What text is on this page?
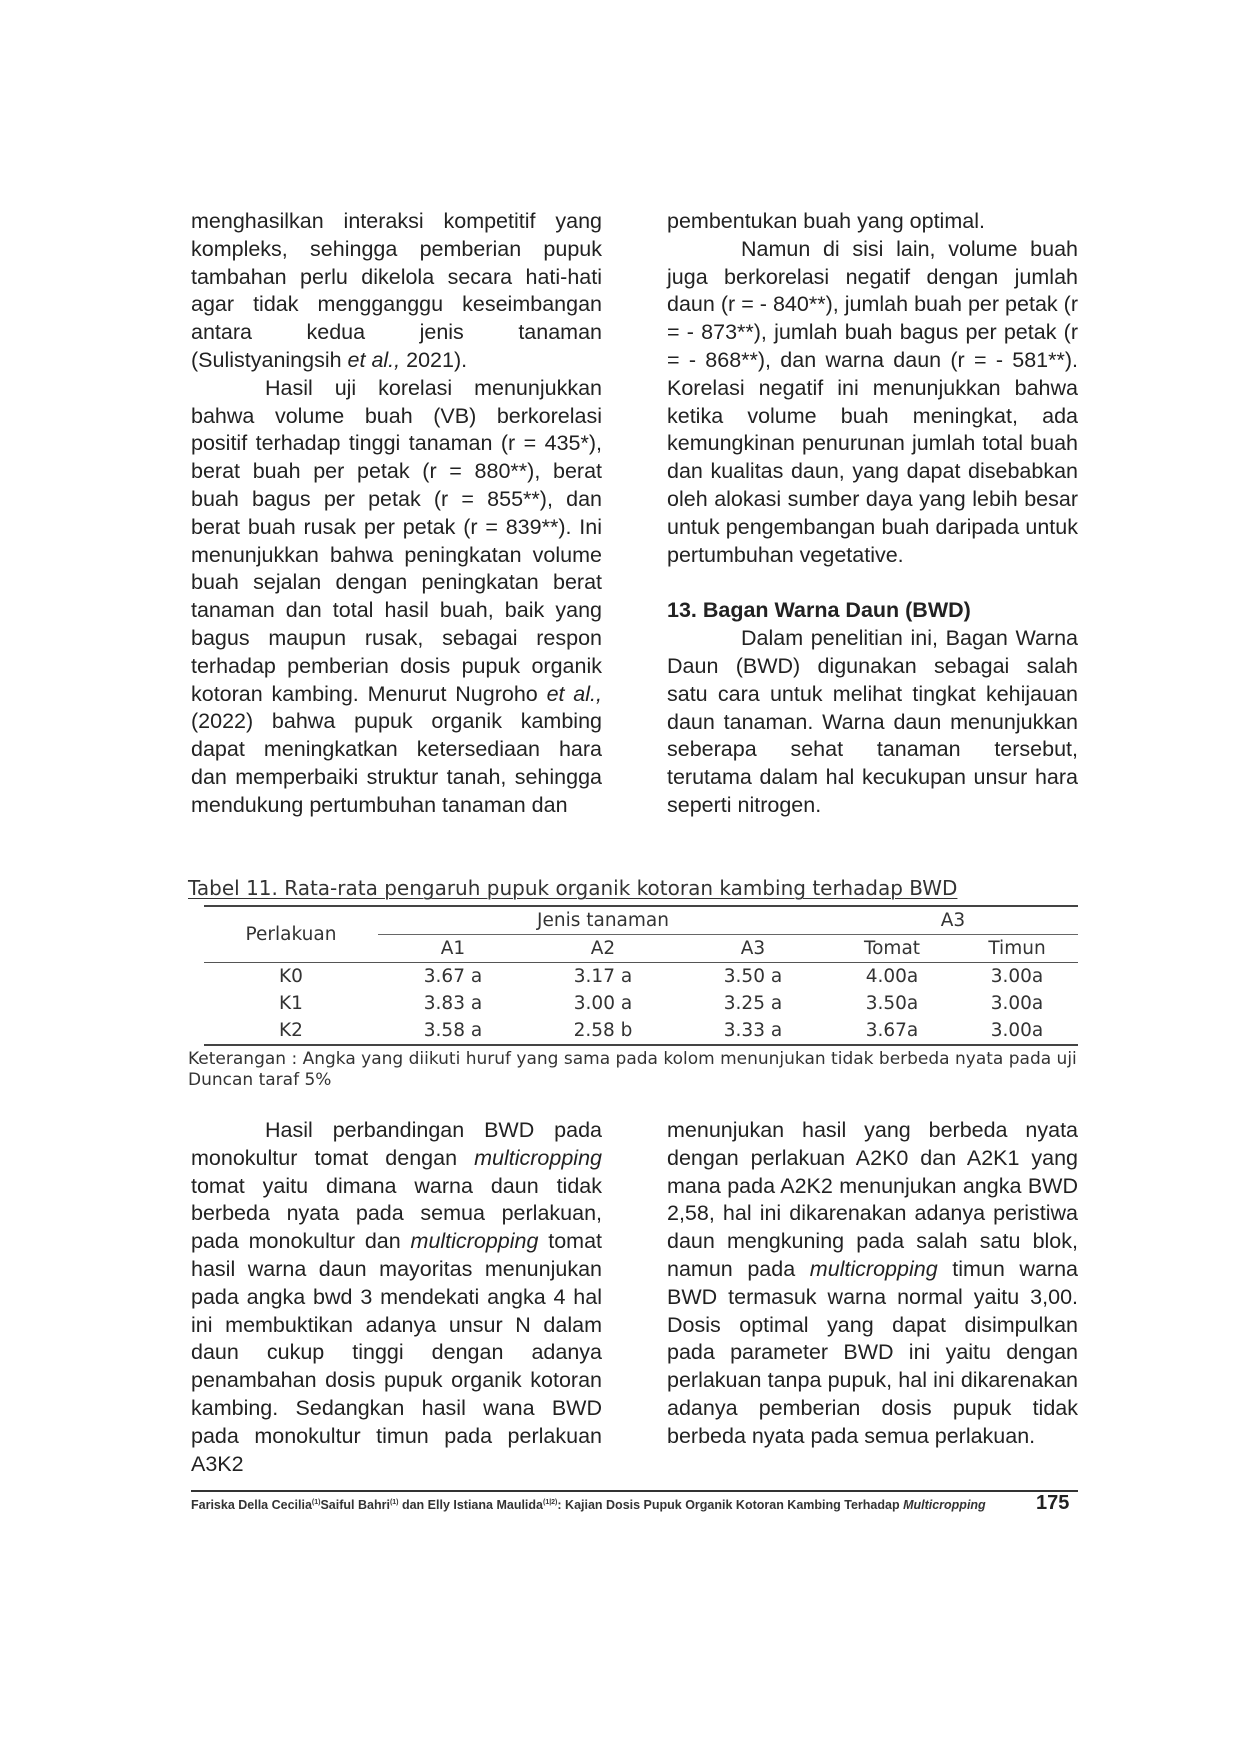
menghasilkan interaksi kompetitif yang kompleks, sehingga pemberian pupuk tambahan perlu dikelola secara hati-hati agar tidak mengganggu keseimbangan antara kedua jenis tanaman (Sulistyaningsih et al., 2021).

Hasil uji korelasi menunjukkan bahwa volume buah (VB) berkorelasi positif terhadap tinggi tanaman (r = 435*), berat buah per petak (r = 880**), berat buah bagus per petak (r = 855**), dan berat buah rusak per petak (r = 839**). Ini menunjukkan bahwa peningkatan volume buah sejalan dengan peningkatan berat tanaman dan total hasil buah, baik yang bagus maupun rusak, sebagai respon terhadap pemberian dosis pupuk organik kotoran kambing. Menurut Nugroho et al., (2022) bahwa pupuk organik kambing dapat meningkatkan ketersediaan hara dan memperbaiki struktur tanah, sehingga mendukung pertumbuhan tanaman dan

pembentukan buah yang optimal.

Namun di sisi lain, volume buah juga berkorelasi negatif dengan jumlah daun (r = - 840**), jumlah buah per petak (r = - 873**), jumlah buah bagus per petak (r = - 868**), dan warna daun (r = - 581**). Korelasi negatif ini menunjukkan bahwa ketika volume buah meningkat, ada kemungkinan penurunan jumlah total buah dan kualitas daun, yang dapat disebabkan oleh alokasi sumber daya yang lebih besar untuk pengembangan buah daripada untuk pertumbuhan vegetative.

13. Bagan Warna Daun (BWD)

Dalam penelitian ini, Bagan Warna Daun (BWD) digunakan sebagai salah satu cara untuk melihat tingkat kehijauan daun tanaman. Warna daun menunjukkan seberapa sehat tanaman tersebut, terutama dalam hal kecukupan unsur hara seperti nitrogen.

Tabel 11. Rata-rata pengaruh pupuk organik kotoran kambing terhadap BWD

Perlakuan	Jenis tanaman			A3	
	A1	A2	A3	Tomat	Timun
K0	3.67 a	3.17 a	3.50 a	4.00a	3.00a
K1	3.83 a	3.00 a	3.25 a	3.50a	3.00a
K2	3.58 a	2.58 b	3.33 a	3.67a	3.00a

Keterangan : Angka yang diikuti huruf yang sama pada kolom menunjukan tidak berbeda nyata pada uji Duncan taraf 5%

Hasil perbandingan BWD pada monokultur tomat dengan multicropping tomat yaitu dimana warna daun tidak berbeda nyata pada semua perlakuan, pada monokultur dan multicropping tomat hasil warna daun mayoritas menunjukan pada angka bwd 3 mendekati angka 4 hal ini membuktikan adanya unsur N dalam daun cukup tinggi dengan adanya penambahan dosis pupuk organik kotoran kambing. Sedangkan hasil wana BWD pada monokultur timun pada perlakuan A3K2

menunjukan hasil yang berbeda nyata dengan perlakuan A2K0 dan A2K1 yang mana pada A2K2 menunjukan angka BWD 2,58, hal ini dikarenakan adanya peristiwa daun mengkuning pada salah satu blok, namun pada multicropping timun warna BWD termasuk warna normal yaitu 3,00. Dosis optimal yang dapat disimpulkan pada parameter BWD ini yaitu dengan perlakuan tanpa pupuk, hal ini dikarenakan adanya pemberian dosis pupuk tidak berbeda nyata pada semua perlakuan.

Fariska Della Cecilia$^{(1)}$Saiful Bahri$^{(1)}$ dan Elly Istiana Maulida$^{(1|2)}$: Kajian Dosis Pupuk Organik Kotoran Kambing Terhadap Multicropping	175
